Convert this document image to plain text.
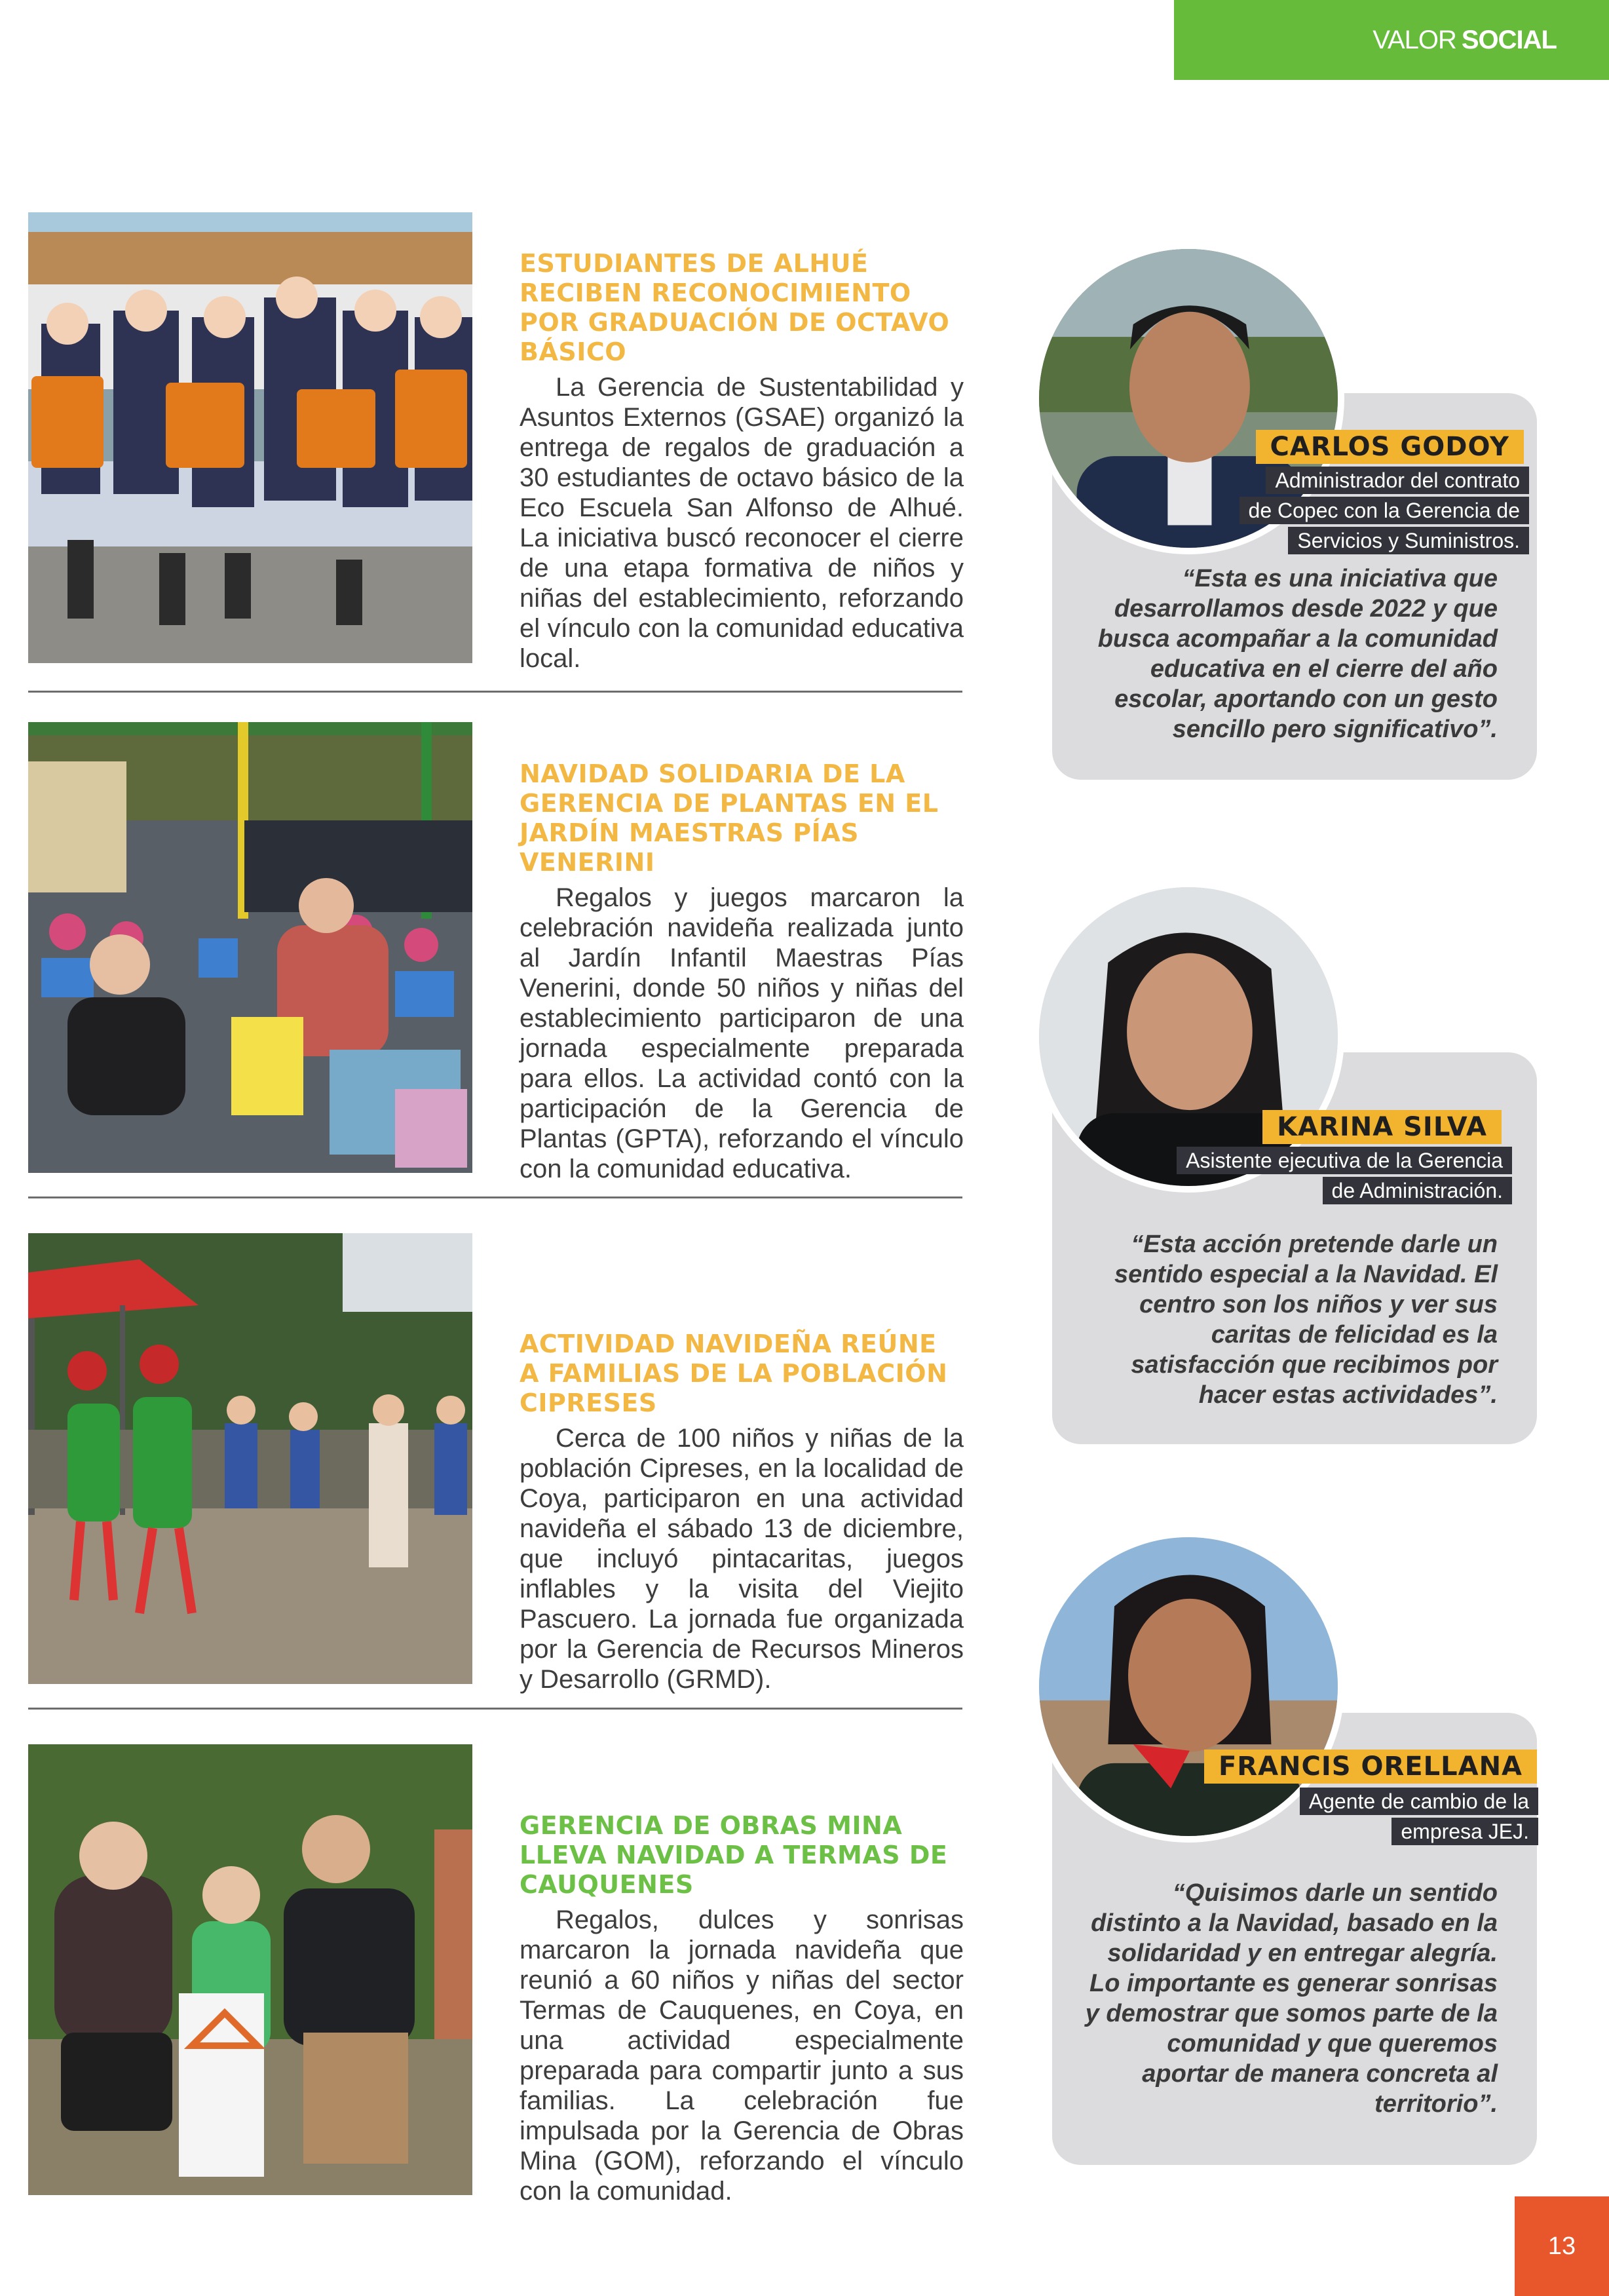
VALOR SOCIAL
ESTUDIANTES DE ALHUÉ RECIBEN RECONOCIMIENTO POR GRADUACIÓN DE OCTAVO BÁSICO

La Gerencia de Sustentabilidad y Asuntos Externos (GSAE) organizó la entrega de regalos de graduación a 30 estudiantes de octavo básico de la Eco Escuela San Alfonso de Alhué. La iniciativa buscó reconocer el cierre de una etapa formativa de niños y niñas del establecimiento, reforzando el vínculo con la comunidad educativa local.

NAVIDAD SOLIDARIA DE LA GERENCIA DE PLANTAS EN EL JARDÍN MAESTRAS PÍAS VENERINI

Regalos y juegos marcaron la celebración navideña realizada junto al Jardín Infantil Maestras Pías Venerini, donde 50 niños y niñas del establecimiento participaron de una jornada especialmente preparada para ellos. La actividad contó con la participación de la Gerencia de Plantas (GPTA), reforzando el vínculo con la comunidad educativa.

ACTIVIDAD NAVIDEÑA REÚNE A FAMILIAS DE LA POBLACIÓN CIPRESES

Cerca de 100 niños y niñas de la población Cipreses, en la localidad de Coya, participaron en una actividad navideña el sábado 13 de diciembre, que incluyó pintacaritas, juegos inflables y la visita del Viejito Pascuero. La jornada fue organizada por la Gerencia de Recursos Mineros y Desarrollo (GRMD).

GERENCIA DE OBRAS MINA LLEVA NAVIDAD A TERMAS DE CAUQUENES

Regalos, dulces y sonrisas marcaron la jornada navideña que reunió a 60 niños y niñas del sector Termas de Cauquenes, en Coya, en una actividad especialmente preparada para compartir junto a sus familias. La celebración fue impulsada por la Gerencia de Obras Mina (GOM), reforzando el vínculo con la comunidad.

“Esta es una iniciativa que desarrollamos desde 2022 y que busca acompañar a la comunidad educativa en el cierre del año escolar, aportando con un gesto sencillo pero significativo”.
CARLOS GODOY
Administrador del contrato
de Copec con la Gerencia de
Servicios y Suministros.
“Esta acción pretende darle un sentido especial a la Navidad. El centro son los niños y ver sus caritas de felicidad es la satisfacción que recibimos por hacer estas actividades”.
KARINA SILVA
Asistente ejecutiva de la Gerencia
de Administración.
“Quisimos darle un sentido distinto a la Navidad, basado en la solidaridad y en entregar alegría. Lo importante es generar sonrisas y demostrar que somos parte de la comunidad y que queremos aportar de manera concreta al territorio”.
FRANCIS ORELLANA
Agente de cambio de la
empresa JEJ.
13
